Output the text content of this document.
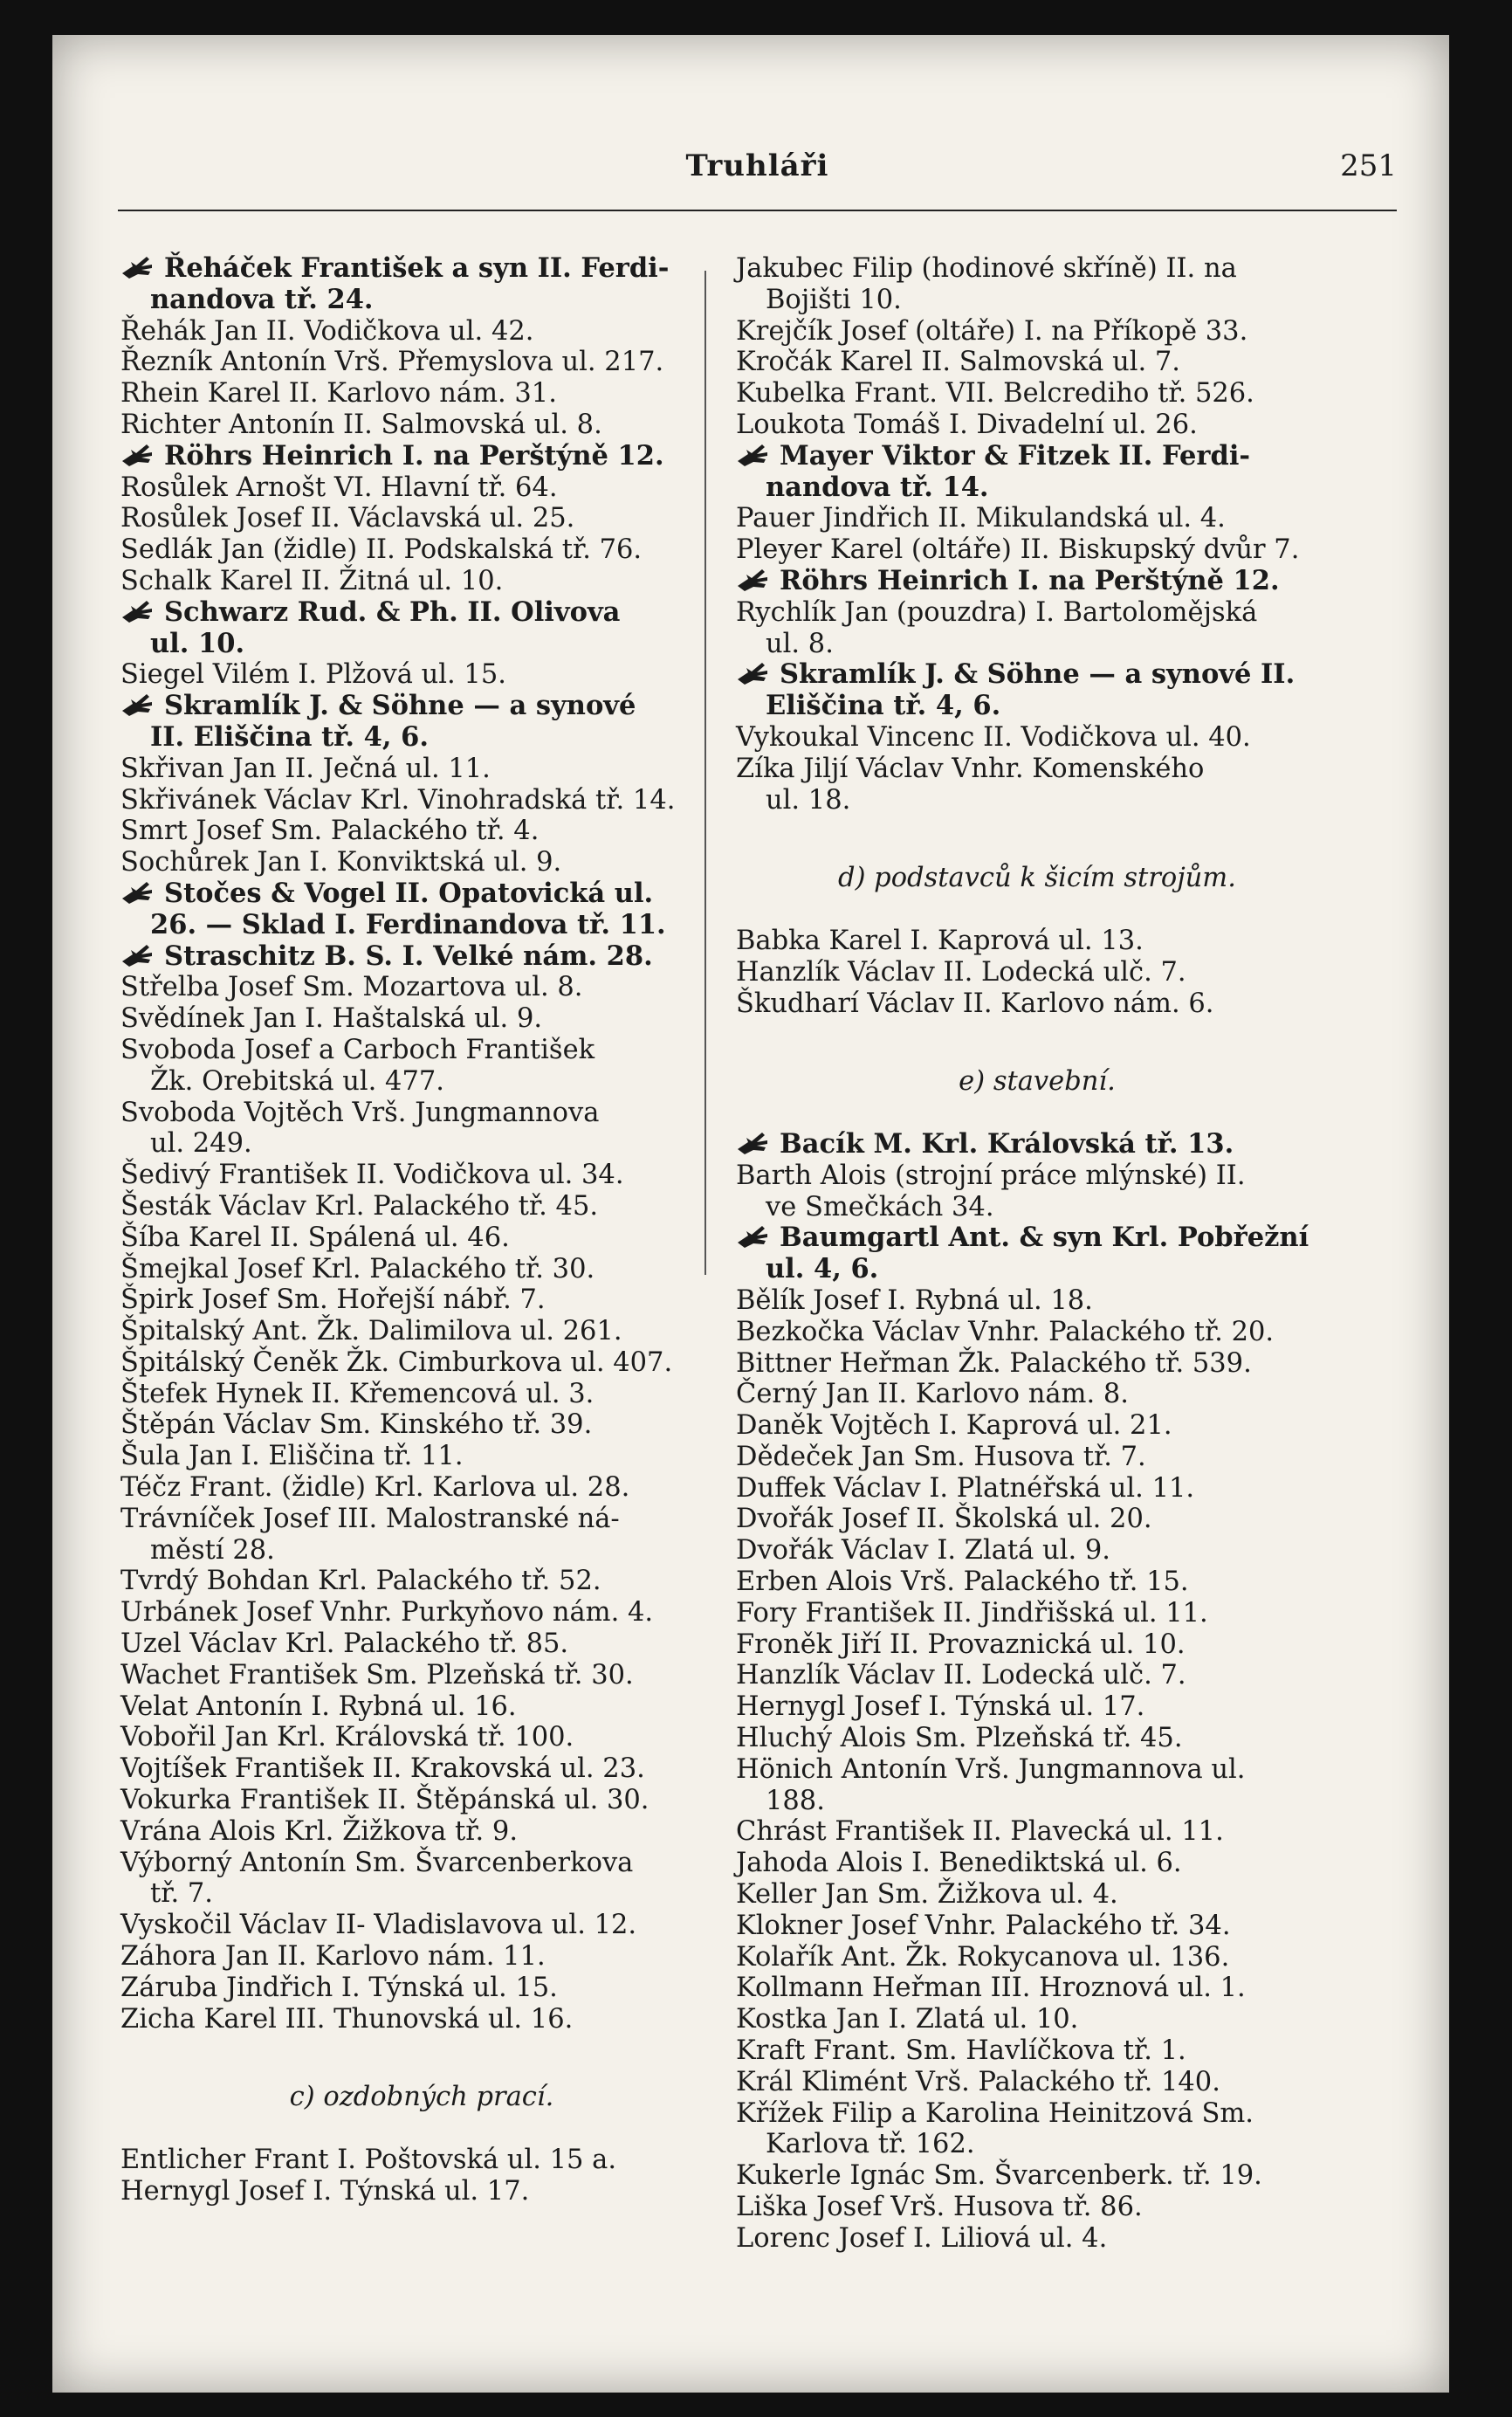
Truhláři	251
Řeháček František a syn II. Ferdi-
nandova tř. 24.
Řehák Jan II. Vodičkova ul. 42.
Řezník Antonín Vrš. Přemyslova ul. 217.
Rhein Karel II. Karlovo nám. 31.
Richter Antonín II. Salmovská ul. 8.
Röhrs Heinrich I. na Perštýně 12.
Rosůlek Arnošt VI. Hlavní tř. 64.
Rosůlek Josef II. Václavská ul. 25.
Sedlák Jan (židle) II. Podskalská tř. 76.
Schalk Karel II. Žitná ul. 10.
Schwarz Rud. & Ph. II. Olivova
ul. 10.
Siegel Vilém I. Plžová ul. 15.
Skramlík J. & Söhne — a synové
II. Eliščina tř. 4, 6.
Skřivan Jan II. Ječná ul. 11.
Skřivánek Václav Krl. Vinohradská tř. 14.
Smrt Josef Sm. Palackého tř. 4.
Sochůrek Jan I. Konviktská ul. 9.
Stočes & Vogel II. Opatovická ul.
26. — Sklad I. Ferdinandova tř. 11.
Straschitz B. S. I. Velké nám. 28.
Střelba Josef Sm. Mozartova ul. 8.
Svědínek Jan I. Haštalská ul. 9.
Svoboda Josef a Carboch František
Žk. Orebitská ul. 477.
Svoboda Vojtěch Vrš. Jungmannova
ul. 249.
Šedivý František II. Vodičkova ul. 34.
Šesták Václav Krl. Palackého tř. 45.
Šíba Karel II. Spálená ul. 46.
Šmejkal Josef Krl. Palackého tř. 30.
Špirk Josef Sm. Hořejší nábř. 7.
Špitalský Ant. Žk. Dalimilova ul. 261.
Špitálský Čeněk Žk. Cimburkova ul. 407.
Štefek Hynek II. Křemencová ul. 3.
Štěpán Václav Sm. Kinského tř. 39.
Šula Jan I. Eliščina tř. 11.
Téčz Frant. (židle) Krl. Karlova ul. 28.
Trávníček Josef III. Malostranské ná-
městí 28.
Tvrdý Bohdan Krl. Palackého tř. 52.
Urbánek Josef Vnhr. Purkyňovo nám. 4.
Uzel Václav Krl. Palackého tř. 85.
Wachet František Sm. Plzeňská tř. 30.
Velat Antonín I. Rybná ul. 16.
Vobořil Jan Krl. Královská tř. 100.
Vojtíšek František II. Krakovská ul. 23.
Vokurka František II. Štěpánská ul. 30.
Vrána Alois Krl. Žižkova tř. 9.
Výborný Antonín Sm. Švarcenberkova
tř. 7.
Vyskočil Václav II- Vladislavova ul. 12.
Záhora Jan II. Karlovo nám. 11.
Záruba Jindřich I. Týnská ul. 15.
Zicha Karel III. Thunovská ul. 16.
c) ozdobných prací.
Entlicher Frant I. Poštovská ul. 15 a.
Hernygl Josef I. Týnská ul. 17.
Jakubec Filip (hodinové skříně) II. na
Bojišti 10.
Krejčík Josef (oltáře) I. na Příkopě 33.
Kročák Karel II. Salmovská ul. 7.
Kubelka Frant. VII. Belcrediho tř. 526.
Loukota Tomáš I. Divadelní ul. 26.
Mayer Viktor & Fitzek II. Ferdi-
nandova tř. 14.
Pauer Jindřich II. Mikulandská ul. 4.
Pleyer Karel (oltáře) II. Biskupský dvůr 7.
Röhrs Heinrich I. na Perštýně 12.
Rychlík Jan (pouzdra) I. Bartolomějská
ul. 8.
Skramlík J. & Söhne — a synové II.
Eliščina tř. 4, 6.
Vykoukal Vincenc II. Vodičkova ul. 40.
Zíka Jiljí Václav Vnhr. Komenského
ul. 18.
d) podstavců k šicím strojům.
Babka Karel I. Kaprová ul. 13.
Hanzlík Václav II. Lodecká ulč. 7.
Škudharí Václav II. Karlovo nám. 6.
e) stavební.
Bacík M. Krl. Královská tř. 13.
Barth Alois (strojní práce mlýnské) II.
ve Smečkách 34.
Baumgartl Ant. & syn Krl. Pobřežní
ul. 4, 6.
Bělík Josef I. Rybná ul. 18.
Bezkočka Václav Vnhr. Palackého tř. 20.
Bittner Heřman Žk. Palackého tř. 539.
Černý Jan II. Karlovo nám. 8.
Daněk Vojtěch I. Kaprová ul. 21.
Dědeček Jan Sm. Husova tř. 7.
Duffek Václav I. Platnéřská ul. 11.
Dvořák Josef II. Školská ul. 20.
Dvořák Václav I. Zlatá ul. 9.
Erben Alois Vrš. Palackého tř. 15.
Fory František II. Jindřišská ul. 11.
Froněk Jiří II. Provaznická ul. 10.
Hanzlík Václav II. Lodecká ulč. 7.
Hernygl Josef I. Týnská ul. 17.
Hluchý Alois Sm. Plzeňská tř. 45.
Hönich Antonín Vrš. Jungmannova ul.
188.
Chrást František II. Plavecká ul. 11.
Jahoda Alois I. Benediktská ul. 6.
Keller Jan Sm. Žižkova ul. 4.
Klokner Josef Vnhr. Palackého tř. 34.
Kolařík Ant. Žk. Rokycanova ul. 136.
Kollmann Heřman III. Hroznová ul. 1.
Kostka Jan I. Zlatá ul. 10.
Kraft Frant. Sm. Havlíčkova tř. 1.
Král Klimént Vrš. Palackého tř. 140.
Křížek Filip a Karolina Heinitzová Sm.
Karlova tř. 162.
Kukerle Ignác Sm. Švarcenberk. tř. 19.
Liška Josef Vrš. Husova tř. 86.
Lorenc Josef I. Liliová ul. 4.
